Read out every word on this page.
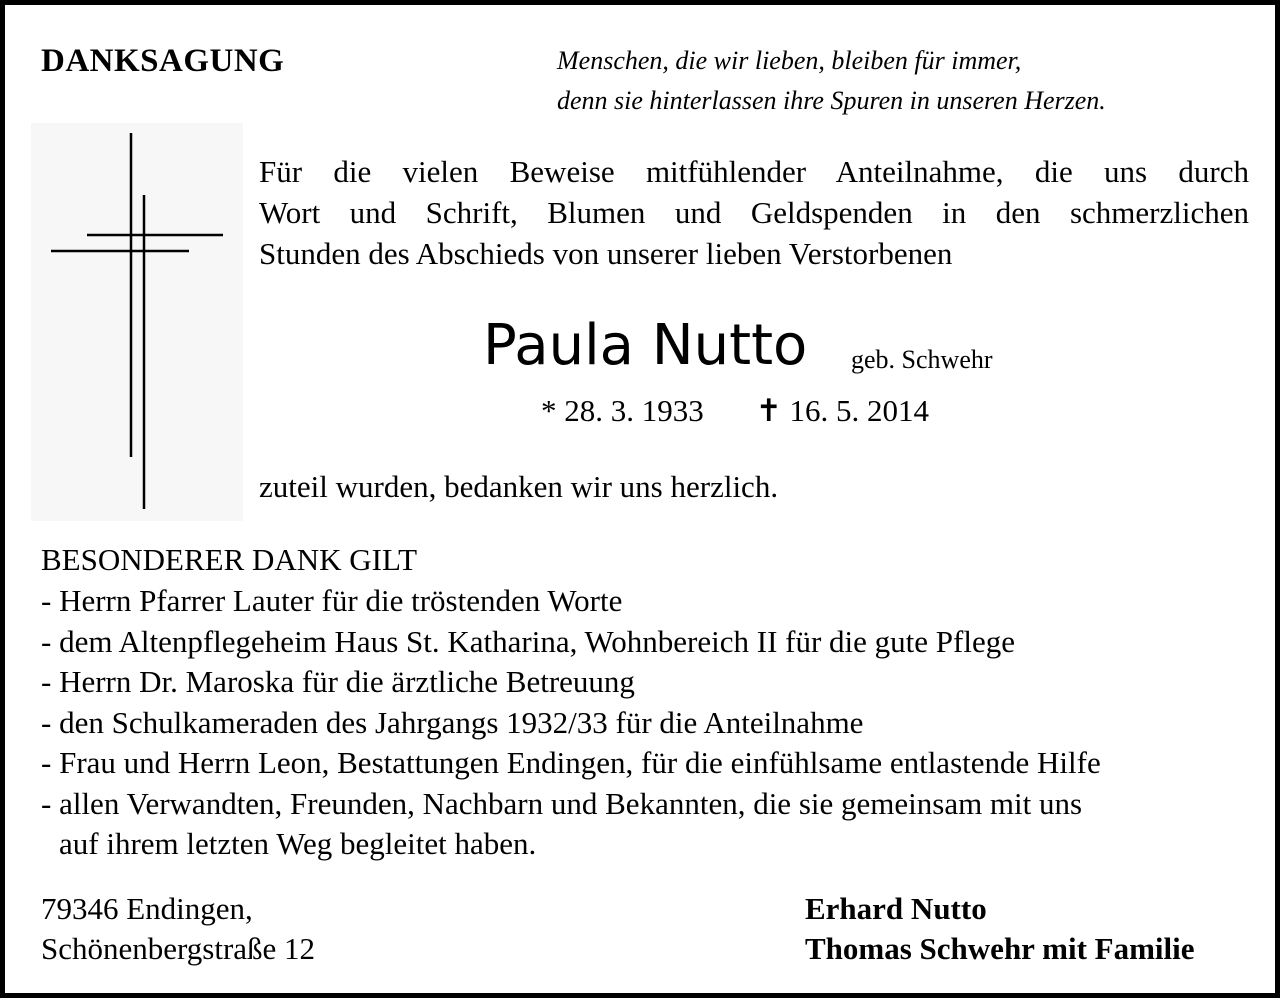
DANKSAGUNG	Menschen, die wir lieben, bleiben für immer,
denn sie hinterlassen ihre Spuren in unseren Herzen.
Für die vielen Beweise mitfühlender Anteilnahme, die uns durch
Wort und Schrift, Blumen und Geldspenden in den schmerzlichen
Stunden des Abschieds von unserer lieben Verstorbenen
Paula Nutto geb. Schwehr
* 28. 3. 1933 ✝ 16. 5. 2014
zuteil wurden, bedanken wir uns herzlich.
BESONDERER DANK GILT
- Herrn Pfarrer Lauter für die tröstenden Worte
- dem Altenpflegeheim Haus St. Katharina, Wohnbereich II für die gute Pflege
- Herrn Dr. Maroska für die ärztliche Betreuung
- den Schulkameraden des Jahrgangs 1932/33 für die Anteilnahme
- Frau und Herrn Leon, Bestattungen Endingen, für die einfühlsame entlastende Hilfe
- allen Verwandten, Freunden, Nachbarn und Bekannten, die sie gemeinsam mit uns
auf ihrem letzten Weg begleitet haben.
79346 Endingen,
Schönenbergstraße 12
Erhard Nutto
Thomas Schwehr mit Familie
